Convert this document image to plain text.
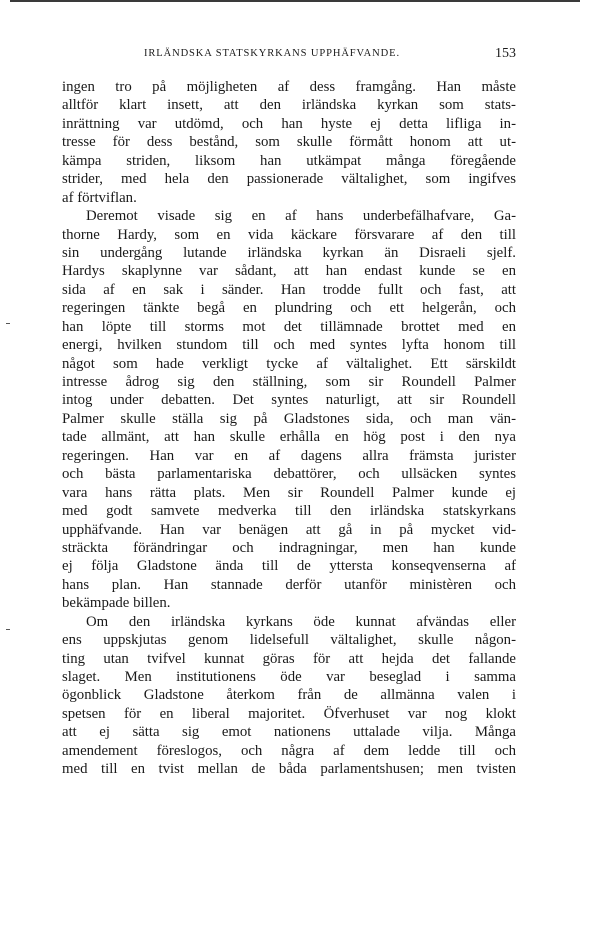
IRLÄNDSKA STATSKYRKANS UPPHÄFVANDE.	153
ingen tro på möjligheten af dess framgång. Han måste
alltför klart insett, att den irländska kyrkan som stats-
inrättning var utdömd, och han hyste ej detta lifliga in-
tresse för dess bestånd, som skulle förmått honom att ut-
kämpa striden, liksom han utkämpat många föregående
strider, med hela den passionerade vältalighet, som ingifves
af förtviflan.
Deremot visade sig en af hans underbefälhafvare, Ga-
thorne Hardy, som en vida käckare försvarare af den till
sin undergång lutande irländska kyrkan än Disraeli sjelf.
Hardys skaplynne var sådant, att han endast kunde se en
sida af en sak i sänder. Han trodde fullt och fast, att
regeringen tänkte begå en plundring och ett helgerån, och
han löpte till storms mot det tillämnade brottet med en
energi, hvilken stundom till och med syntes lyfta honom till
något som hade verkligt tycke af vältalighet. Ett särskildt
intresse ådrog sig den ställning, som sir Roundell Palmer
intog under debatten. Det syntes naturligt, att sir Roundell
Palmer skulle ställa sig på Gladstones sida, och man vän-
tade allmänt, att han skulle erhålla en hög post i den nya
regeringen. Han var en af dagens allra främsta jurister
och bästa parlamentariska debattörer, och ullsäcken syntes
vara hans rätta plats. Men sir Roundell Palmer kunde ej
med godt samvete medverka till den irländska statskyrkans
upphäfvande. Han var benägen att gå in på mycket vid-
sträckta förändringar och indragningar, men han kunde
ej följa Gladstone ända till de yttersta konseqvenserna af
hans plan. Han stannade derför utanför ministèren och
bekämpade billen.
Om den irländska kyrkans öde kunnat afvändas eller
ens uppskjutas genom lidelsefull vältalighet, skulle någon-
ting utan tvifvel kunnat göras för att hejda det fallande
slaget. Men institutionens öde var beseglad i samma
ögonblick Gladstone återkom från de allmänna valen i
spetsen för en liberal majoritet. Öfverhuset var nog klokt
att ej sätta sig emot nationens uttalade vilja. Många
amendement föreslogos, och några af dem ledde till och
med till en tvist mellan de båda parlamentshusen; men tvisten
